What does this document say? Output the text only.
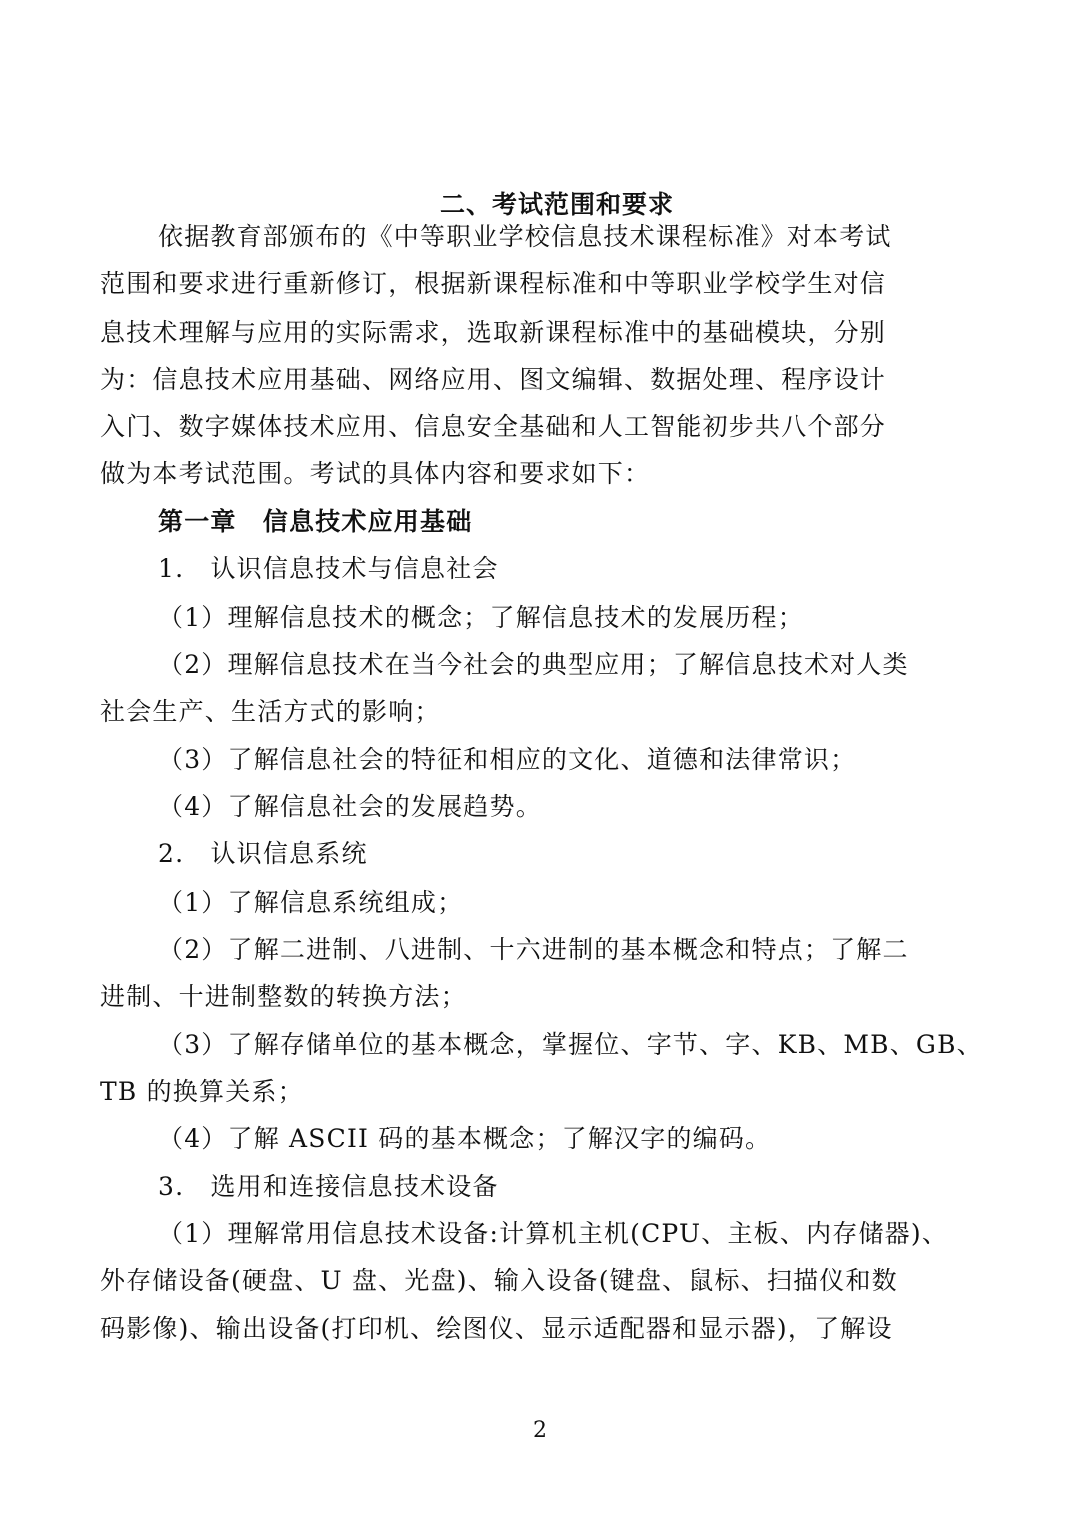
二、考试范围和要求
依据教育部颁布的《中等职业学校信息技术课程标准》对本考试
范围和要求进行重新修订，根据新课程标准和中等职业学校学生对信
息技术理解与应用的实际需求，选取新课程标准中的基础模块，分别
为：信息技术应用基础、网络应用、图文编辑、数据处理、程序设计
入门、数字媒体技术应用、信息安全基础和人工智能初步共八个部分
做为本考试范围。考试的具体内容和要求如下：
第一章　信息技术应用基础
1.　认识信息技术与信息社会
（1）理解信息技术的概念；了解信息技术的发展历程；
（2）理解信息技术在当今社会的典型应用；了解信息技术对人类
社会生产、生活方式的影响；
（3）了解信息社会的特征和相应的文化、道德和法律常识；
（4）了解信息社会的发展趋势。
2.　认识信息系统
（1）了解信息系统组成；
（2）了解二进制、八进制、十六进制的基本概念和特点；了解二
进制、十进制整数的转换方法；
（3）了解存储单位的基本概念，掌握位、字节、字、KB、MB、GB、
TB 的换算关系；
（4）了解 ASCII 码的基本概念；了解汉字的编码。
3.　选用和连接信息技术设备
（1）理解常用信息技术设备:计算机主机(CPU、主板、内存储器)、
外存储设备(硬盘、U 盘、光盘)、输入设备(键盘、鼠标、扫描仪和数
码影像)、输出设备(打印机、绘图仪、显示适配器和显示器)，了解设
2
